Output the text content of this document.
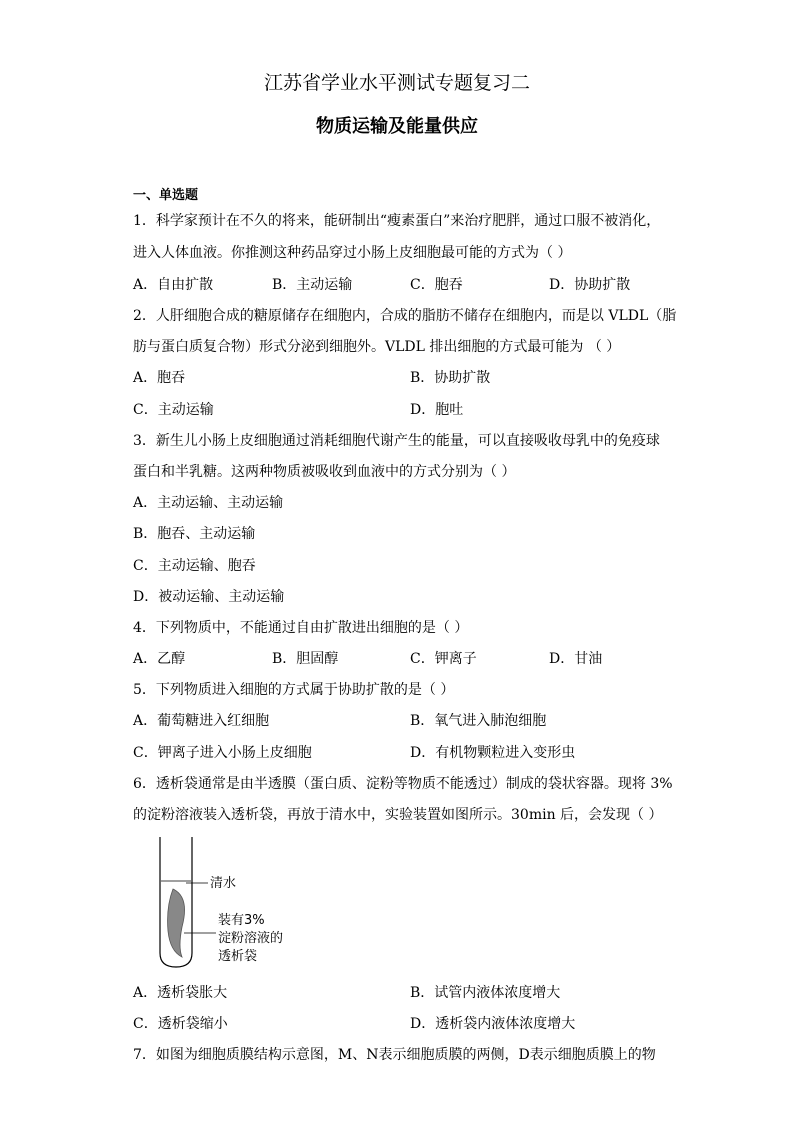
江苏省学业水平测试专题复习二
物质运输及能量供应
一、单选题
1．科学家预计在不久的将来，能研制出“瘦素蛋白”来治疗肥胖，通过口服不被消化，
进入人体血液。你推测这种药品穿过小肠上皮细胞最可能的方式为（ ）
A．自由扩散	B．主动运输	C．胞吞	D．协助扩散
2．人肝细胞合成的糖原储存在细胞内，合成的脂肪不储存在细胞内，而是以 VLDL（脂
肪与蛋白质复合物）形式分泌到细胞外。VLDL 排出细胞的方式最可能为 （ ）
A．胞吞	B．协助扩散
C．主动运输	D．胞吐
3．新生儿小肠上皮细胞通过消耗细胞代谢产生的能量，可以直接吸收母乳中的免疫球
蛋白和半乳糖。这两种物质被吸收到血液中的方式分别为（ ）
A．主动运输、主动运输
B．胞吞、主动运输
C．主动运输、胞吞
D．被动运输、主动运输
4．下列物质中，不能通过自由扩散进出细胞的是（ ）
A．乙醇	B．胆固醇	C．钾离子	D．甘油
5．下列物质进入细胞的方式属于协助扩散的是（ ）
A．葡萄糖进入红细胞	B．氧气进入肺泡细胞
C．钾离子进入小肠上皮细胞	D．有机物颗粒进入变形虫
6．透析袋通常是由半透膜（蛋白质、淀粉等物质不能透过）制成的袋状容器。现将 3%
的淀粉溶液装入透析袋，再放于清水中，实验装置如图所示。30min 后，会发现（ ）
清水
装有3%
淀粉溶液的
透析袋
A．透析袋胀大	B．试管内液体浓度增大
C．透析袋缩小	D．透析袋内液体浓度增大
7．如图为细胞质膜结构示意图，M、N表示细胞质膜的两侧，D表示细胞质膜上的物
